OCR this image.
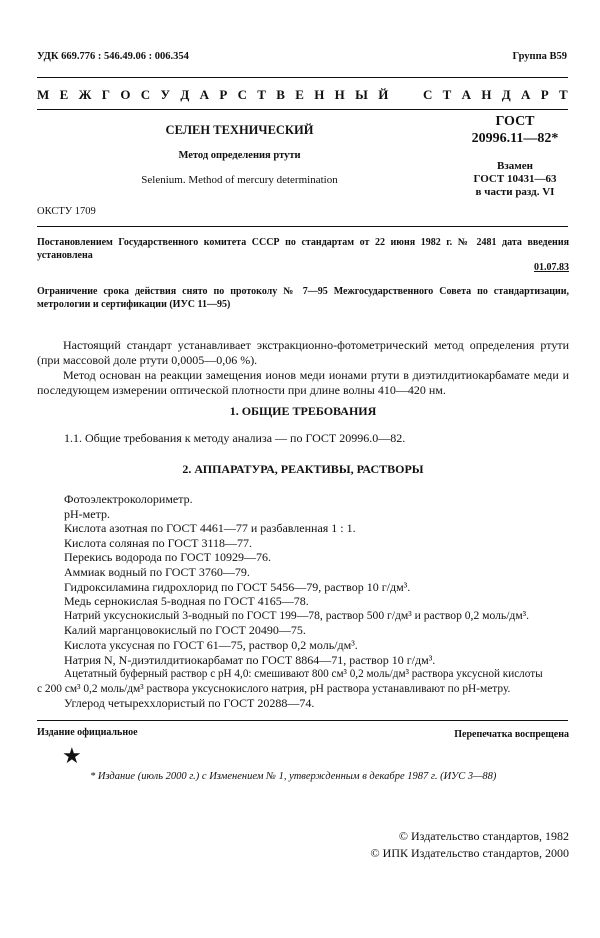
УДК 669.776 : 546.49.06 : 006.354	Группа В59
М Е Ж Г О С У Д А Р С Т В Е Н Н Ы Й	С Т А Н Д А Р Т
СЕЛЕН ТЕХНИЧЕСКИЙ
Метод определения ртути
Selenium. Method of mercury determination
ГОСТ
20996.11—82*
Взамен
ГОСТ 10431—63
в части разд. VI
ОКСТУ 1709
Постановлением Государственного комитета СССР по стандартам от 22 июня 1982 г. № 2481 дата введения установлена
01.07.83
Ограничение срока действия снято по протоколу № 7—95 Межгосударственного Совета по стандартизации, метрологии и сертификации (ИУС 11—95)
Настоящий стандарт устанавливает экстракционно-фотометрический метод определения ртути (при массовой доле ртути 0,0005—0,06 %).
Метод основан на реакции замещения ионов меди ионами ртути в диэтилдитиокарбамате меди и последующем измерении оптической плотности при длине волны 410—420 нм.
1. ОБЩИЕ ТРЕБОВАНИЯ
1.1. Общие требования к методу анализа — по ГОСТ 20996.0—82.
2. АППАРАТУРА, РЕАКТИВЫ, РАСТВОРЫ
Фотоэлектроколориметр.
pH-метр.
Кислота азотная по ГОСТ 4461—77 и разбавленная 1 : 1.
Кислота соляная по ГОСТ 3118—77.
Перекись водорода по ГОСТ 10929—76.
Аммиак водный по ГОСТ 3760—79.
Гидроксиламина гидрохлорид по ГОСТ 5456—79, раствор 10 г/дм³.
Медь сернокислая 5-водная по ГОСТ 4165—78.
Натрий уксуснокислый 3-водный по ГОСТ 199—78, раствор 500 г/дм³ и раствор 0,2 моль/дм³.
Калий марганцовокислый по ГОСТ 20490—75.
Кислота уксусная по ГОСТ 61—75, раствор 0,2 моль/дм³.
Натрия N, N-диэтилдитиокарбамат по ГОСТ 8864—71, раствор 10 г/дм³.
Ацетатный буферный раствор с pH 4,0: смешивают 800 см³ 0,2 моль/дм³ раствора уксусной кислоты
с 200 см³ 0,2 моль/дм³ раствора уксуснокислого натрия, pH раствора устанавливают по pH-метру.
Углерод четыреххлористый по ГОСТ 20288—74.
Издание официальное	Перепечатка воспрещена
★
* Издание (июль 2000 г.) с Изменением № 1, утвержденным в декабре 1987 г. (ИУС 3—88)
© Издательство стандартов, 1982
© ИПК Издательство стандартов, 2000
